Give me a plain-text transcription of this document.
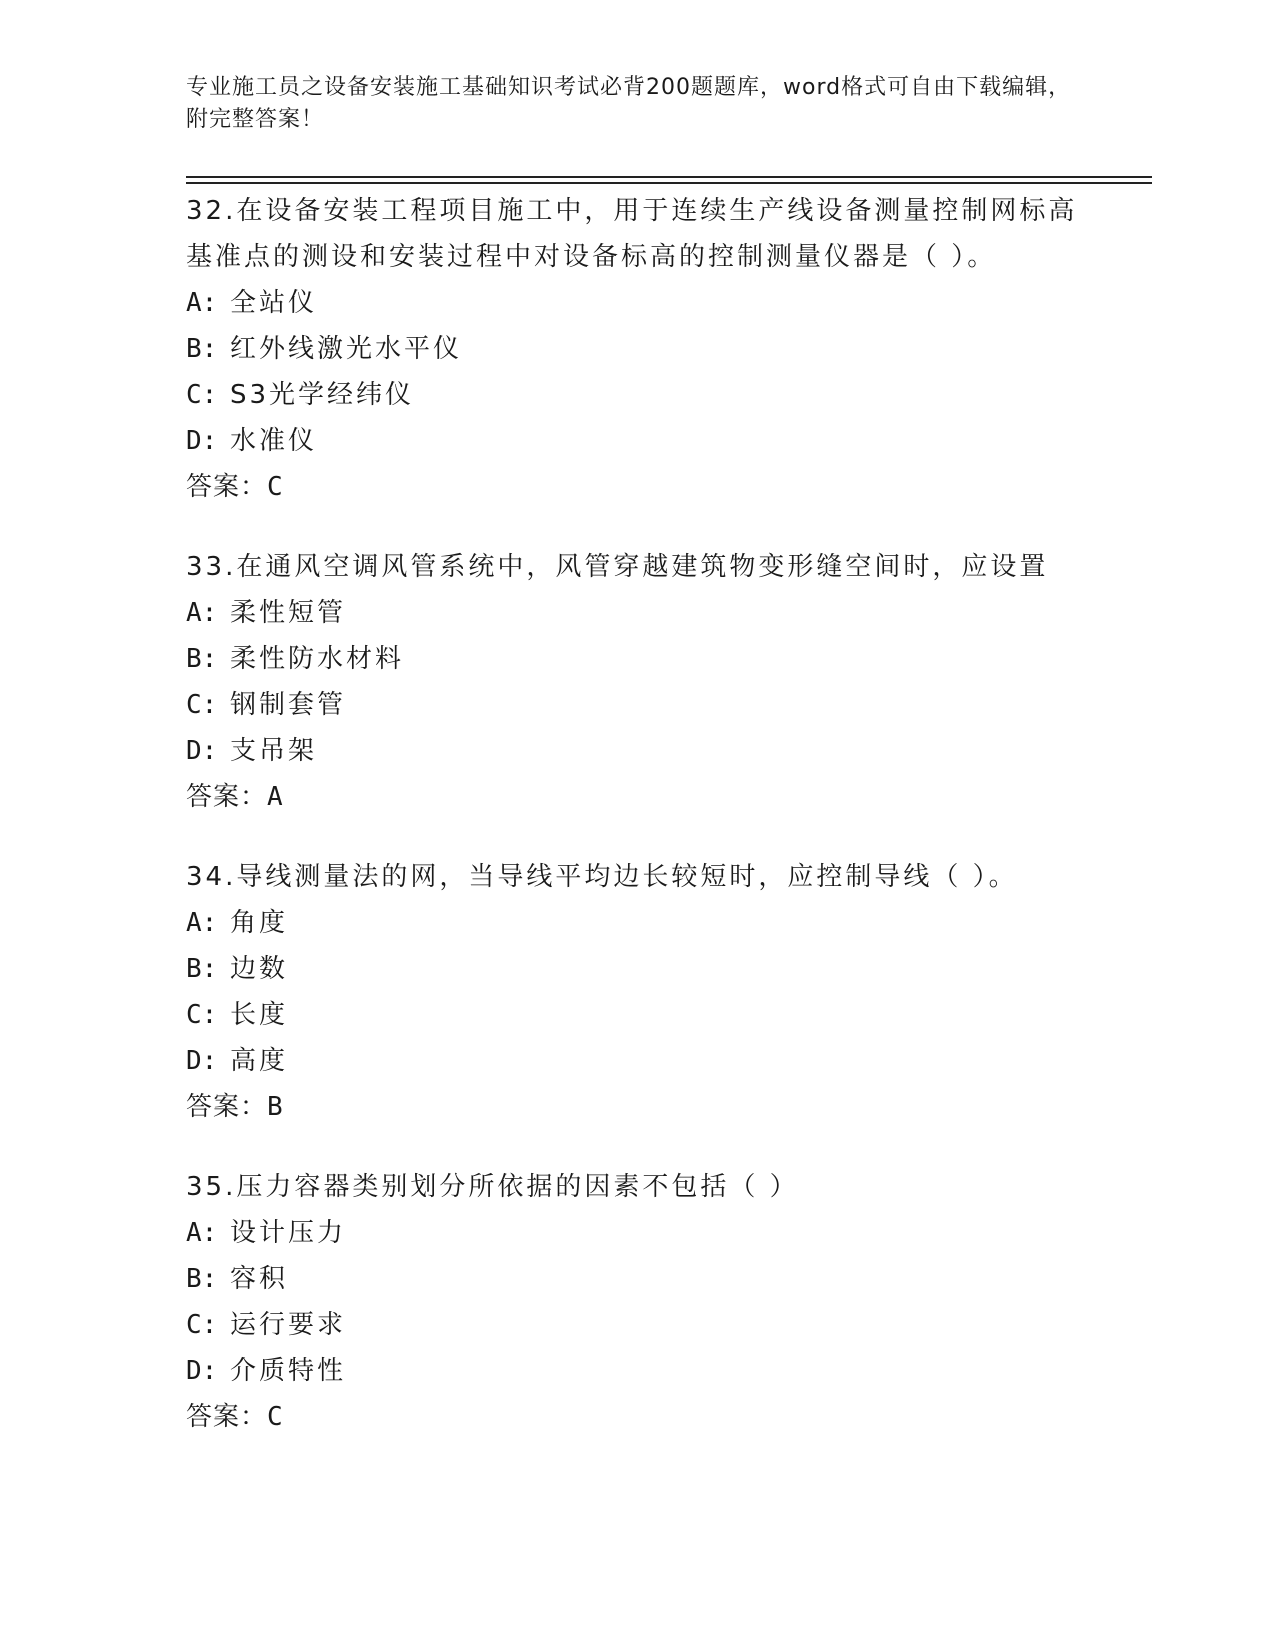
专业施工员之设备安装施工基础知识考试必背200题题库，word格式可自由下载编辑，附完整答案！
32.在设备安装工程项目施工中，用于连续生产线设备测量控制网标高基准点的测设和安装过程中对设备标高的控制测量仪器是（ ）。
A: 全站仪
B: 红外线激光水平仪
C: S3光学经纬仪
D: 水准仪
答案：C
33.在通风空调风管系统中，风管穿越建筑物变形缝空间时，应设置
A: 柔性短管
B: 柔性防水材料
C: 钢制套管
D: 支吊架
答案：A
34.导线测量法的网，当导线平均边长较短时，应控制导线（ ）。
A: 角度
B: 边数
C: 长度
D: 高度
答案：B
35.压力容器类别划分所依据的因素不包括（ ）
A: 设计压力
B: 容积
C: 运行要求
D: 介质特性
答案：C
